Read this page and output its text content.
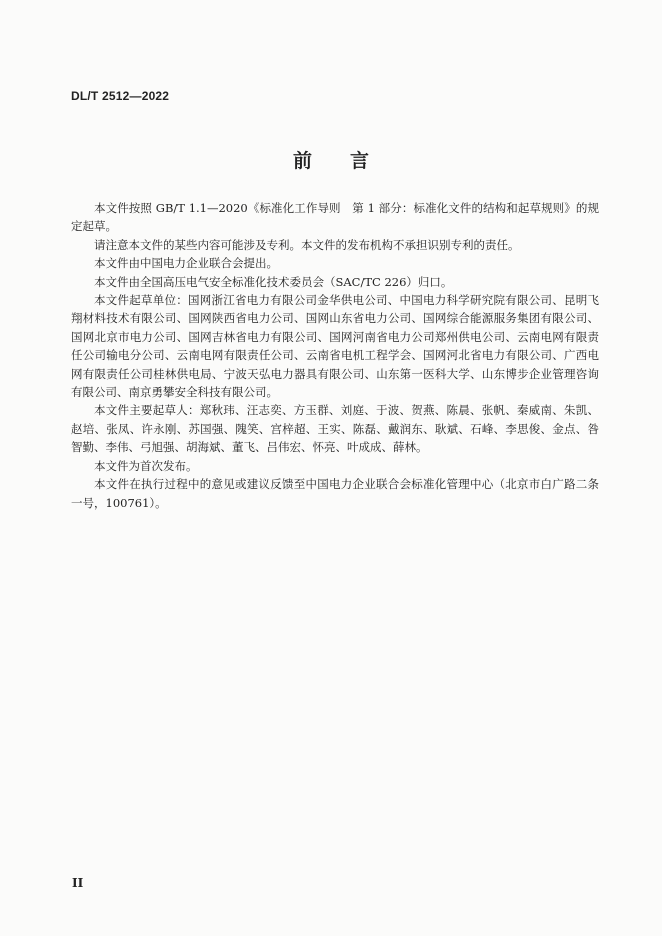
DL/T 2512—2022
前　　言

本文件按照 GB/T 1.1—2020《标准化工作导则　第 1 部分：标准化文件的结构和起草规则》的规定起草。

请注意本文件的某些内容可能涉及专利。本文件的发布机构不承担识别专利的责任。

本文件由中国电力企业联合会提出。

本文件由全国高压电气安全标准化技术委员会（SAC/TC 226）归口。

本文件起草单位：国网浙江省电力有限公司金华供电公司、中国电力科学研究院有限公司、昆明飞翔材料技术有限公司、国网陕西省电力公司、国网山东省电力公司、国网综合能源服务集团有限公司、国网北京市电力公司、国网吉林省电力有限公司、国网河南省电力公司郑州供电公司、云南电网有限责任公司输电分公司、云南电网有限责任公司、云南省电机工程学会、国网河北省电力有限公司、广西电网有限责任公司桂林供电局、宁波天弘电力器具有限公司、山东第一医科大学、山东博步企业管理咨询有限公司、南京勇攀安全科技有限公司。

本文件主要起草人：郑秋玮、汪志奕、方玉群、刘庭、于波、贺燕、陈晨、张帆、秦威南、朱凯、赵培、张凤、许永刚、苏国强、隗笑、宫梓超、王实、陈磊、戴润东、耿斌、石峰、李思俊、金点、咎智勤、李伟、弓旭强、胡海斌、董飞、吕伟宏、怀亮、叶成成、薛林。

本文件为首次发布。

本文件在执行过程中的意见或建议反馈至中国电力企业联合会标准化管理中心（北京市白广路二条一号，100761）。

II
